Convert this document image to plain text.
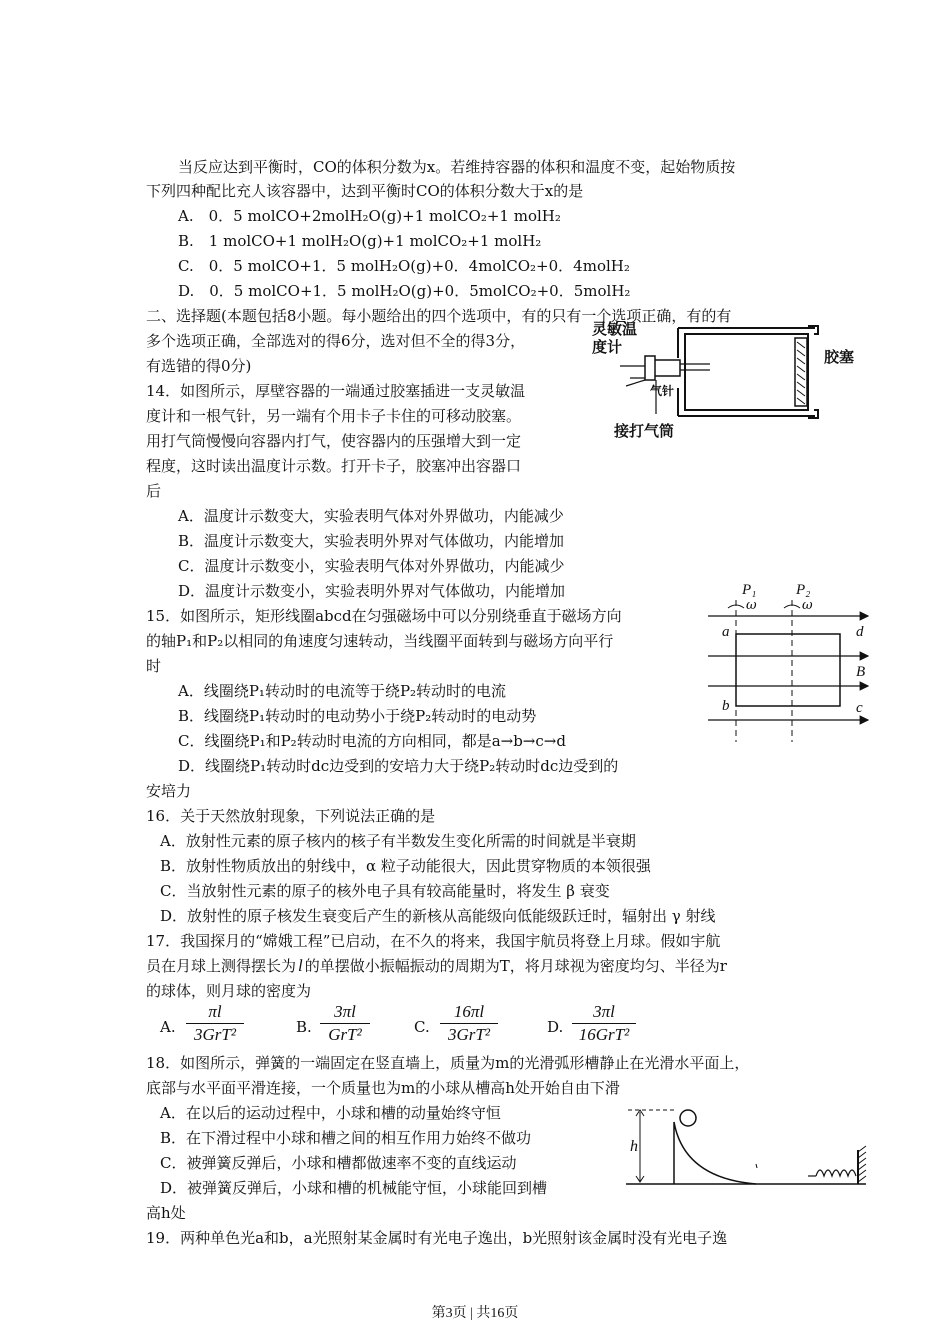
当反应达到平衡时，CO的体积分数为x。若维持容器的体积和温度不变，起始物质按
下列四种配比充人该容器中，达到平衡时CO的体积分数大于x的是
A.　0．5 molCO+2molH₂O(g)+1 molCO₂+1 molH₂
B.　1 molCO+1 molH₂O(g)+1 molCO₂+1 molH₂
C.　0．5 molCO+1．5 molH₂O(g)+0．4molCO₂+0．4molH₂
D.　0．5 molCO+1．5 molH₂O(g)+0．5molCO₂+0．5molH₂
二、选择题(本题包括8小题。每小题给出的四个选项中，有的只有一个选项正确，有的有
多个选项正确，全部选对的得6分，选对但不全的得3分，
有选错的得0分)
14．如图所示，厚壁容器的一端通过胶塞插进一支灵敏温
度计和一根气针，另一端有个用卡子卡住的可移动胶塞。
用打气筒慢慢向容器内打气，使容器内的压强增大到一定
程度，这时读出温度计示数。打开卡子，胶塞冲出容器口
后
A．温度计示数变大，实验表明气体对外界做功，内能减少
B．温度计示数变大，实验表明外界对气体做功，内能增加
C．温度计示数变小，实验表明气体对外界做功，内能减少
D．温度计示数变小，实验表明外界对气体做功，内能增加
15．如图所示，矩形线圈abcd在匀强磁场中可以分别绕垂直于磁场方向
的轴P₁和P₂以相同的角速度匀速转动，当线圈平面转到与磁场方向平行
时
A．线圈绕P₁转动时的电流等于绕P₂转动时的电流
B．线圈绕P₁转动时的电动势小于绕P₂转动时的电动势
C．线圈绕P₁和P₂转动时电流的方向相同，都是a→b→c→d
D．线圈绕P₁转动时dc边受到的安培力大于绕P₂转动时dc边受到的
安培力
16．关于天然放射现象，下列说法正确的是
A．放射性元素的原子核内的核子有半数发生变化所需的时间就是半衰期
B．放射性物质放出的射线中，α 粒子动能很大，因此贯穿物质的本领很强
C．当放射性元素的原子的核外电子具有较高能量时，将发生 β 衰变
D．放射性的原子核发生衰变后产生的新核从高能级向低能级跃迁时，辐射出 γ 射线
17．我国探月的“嫦娥工程”已启动，在不久的将来，我国宇航员将登上月球。假如宇航
员在月球上测得摆长为 l 的单摆做小振幅振动的周期为T，将月球视为密度均匀、半径为r
的球体，则月球的密度为
A.
πl
3GrT²	B.
3πl
GrT²	C.
16πl
3GrT²	D.
3πl
16GrT²
18．如图所示，弹簧的一端固定在竖直墙上，质量为m的光滑弧形槽静止在光滑水平面上，
底部与水平面平滑连接，一个质量也为m的小球从槽高h处开始自由下滑
A．在以后的运动过程中，小球和槽的动量始终守恒
B．在下滑过程中小球和槽之间的相互作用力始终不做功
C．被弹簧反弹后，小球和槽都做速率不变的直线运动
D．被弹簧反弹后，小球和槽的机械能守恒，小球能回到槽
高h处
19．两种单色光a和b，a光照射某金属时有光电子逸出，b光照射该金属时没有光电子逸
灵敏温
度计
胶塞
气针
接打气筒
P₁	P₂
ω	ω
a
b	c
d
B
h
第3页 | 共16页
